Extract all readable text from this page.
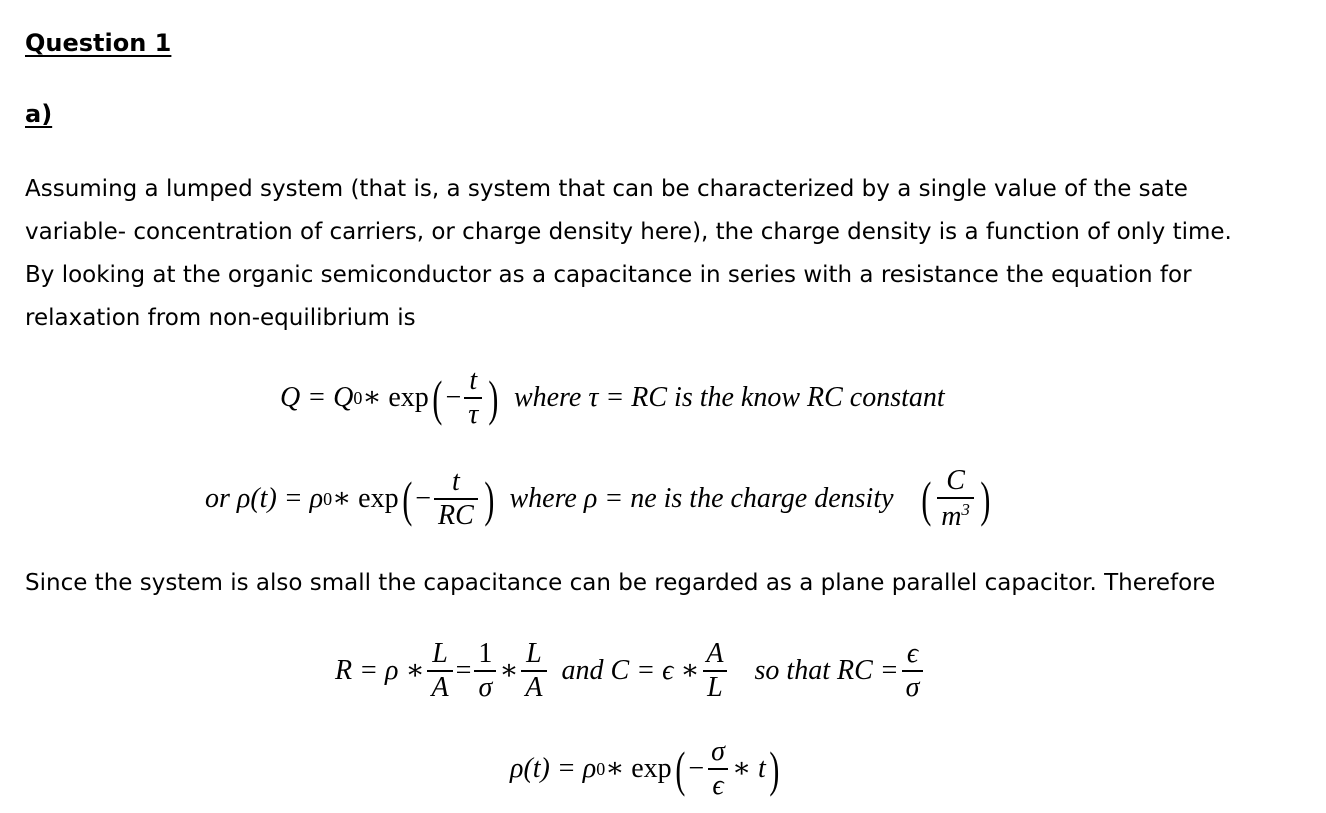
Question 1
a)
Assuming a lumped system (that is, a system that can be characterized by a single value of the sate
variable- concentration of carriers, or charge density here), the charge density is a function of only time.
By looking at the organic semiconductor as a capacitance in series with a resistance the equation for
relaxation from non-equilibrium is
Q = Q 0 ∗ exp ( − $\frac{t}{\tau}$ ) where τ = RC is the know RC constant
or ρ(t) = ρ 0 ∗ exp ( − $\frac{t}{RC}$ ) where ρ = ne is the charge density ( $\frac{C}{m^3}$ )
Since the system is also small the capacitance can be regarded as a plane parallel capacitor. Therefore
R = ρ ∗ $\frac{L}{A} = \frac{1}{\sigma}$ ∗ $\frac{L}{A}$ and C = ϵ ∗ $\frac{A}{L}$ so that RC = $\frac{\epsilon}{\sigma}$
ρ(t) = ρ 0 ∗ exp ( − $\frac{\sigma}{\epsilon}$ ∗ t )
